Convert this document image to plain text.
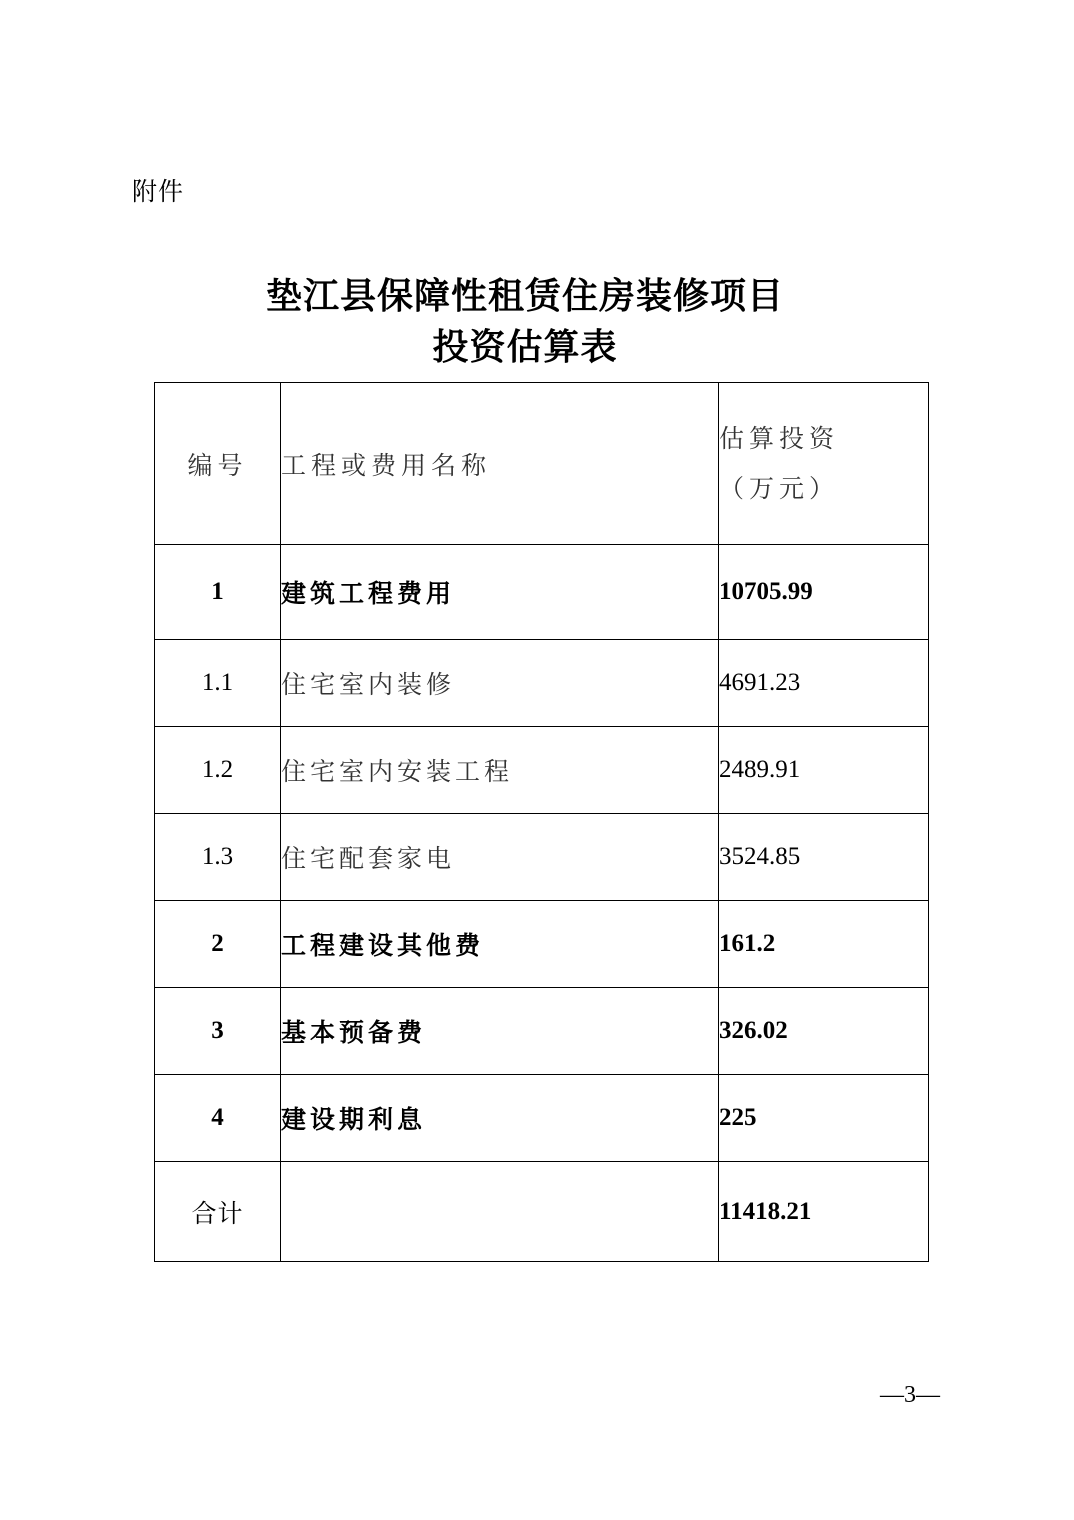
附件
垫江县保障性租赁住房装修项目
投资估算表
编号	工程或费用名称	估算投资
（万元）

1	建筑工程费用	10705.99
1.1	住宅室内装修	4691.23
1.2	住宅室内安装工程	2489.91
1.3	住宅配套家电	3524.85
2	工程建设其他费	161.2
3	基本预备费	326.02
4	建设期利息	225
合计		11418.21
—3—
